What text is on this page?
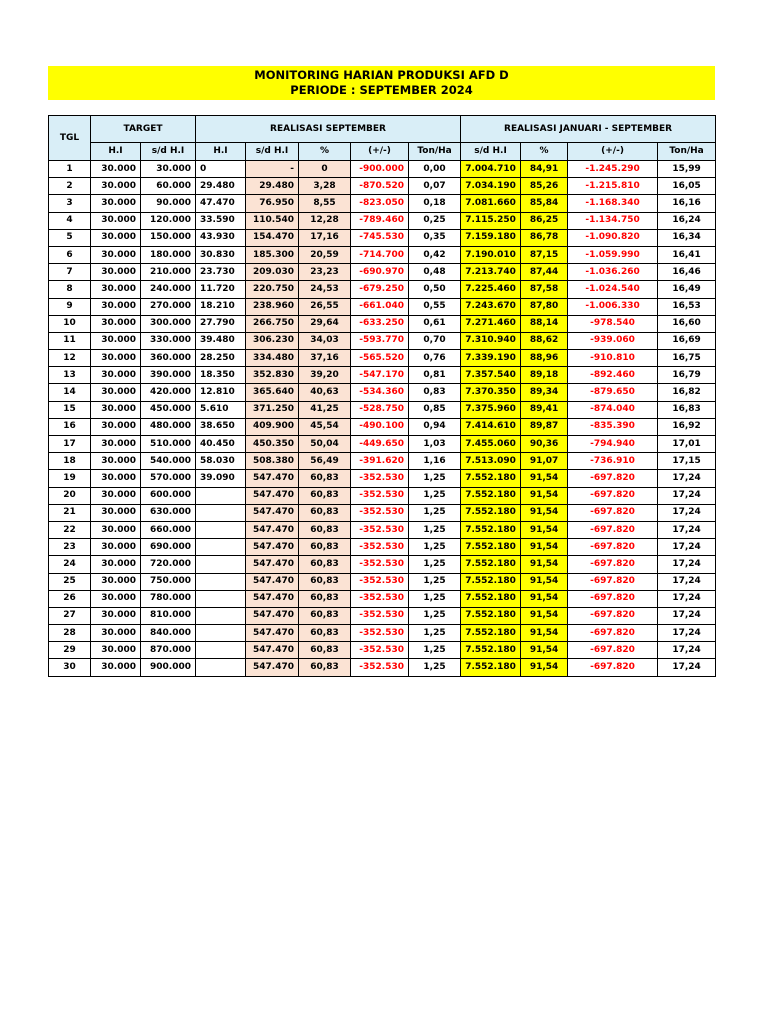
MONITORING HARIAN PRODUKSI AFD D
PERIODE : SEPTEMBER 2024
TGL	TARGET		REALISASI SEPTEMBER					REALISASI JANUARI - SEPTEMBER			
	H.I	s/d H.I	H.I	s/d H.I	%	(+/-)	Ton/Ha	s/d H.I	%	(+/-)	Ton/Ha
1	30.000	30.000	0	-	0	-900.000	0,00	7.004.710	84,91	-1.245.290	15,99
2	30.000	60.000	29.480	29.480	3,28	-870.520	0,07	7.034.190	85,26	-1.215.810	16,05
3	30.000	90.000	47.470	76.950	8,55	-823.050	0,18	7.081.660	85,84	-1.168.340	16,16
4	30.000	120.000	33.590	110.540	12,28	-789.460	0,25	7.115.250	86,25	-1.134.750	16,24
5	30.000	150.000	43.930	154.470	17,16	-745.530	0,35	7.159.180	86,78	-1.090.820	16,34
6	30.000	180.000	30.830	185.300	20,59	-714.700	0,42	7.190.010	87,15	-1.059.990	16,41
7	30.000	210.000	23.730	209.030	23,23	-690.970	0,48	7.213.740	87,44	-1.036.260	16,46
8	30.000	240.000	11.720	220.750	24,53	-679.250	0,50	7.225.460	87,58	-1.024.540	16,49
9	30.000	270.000	18.210	238.960	26,55	-661.040	0,55	7.243.670	87,80	-1.006.330	16,53
10	30.000	300.000	27.790	266.750	29,64	-633.250	0,61	7.271.460	88,14	-978.540	16,60
11	30.000	330.000	39.480	306.230	34,03	-593.770	0,70	7.310.940	88,62	-939.060	16,69
12	30.000	360.000	28.250	334.480	37,16	-565.520	0,76	7.339.190	88,96	-910.810	16,75
13	30.000	390.000	18.350	352.830	39,20	-547.170	0,81	7.357.540	89,18	-892.460	16,79
14	30.000	420.000	12.810	365.640	40,63	-534.360	0,83	7.370.350	89,34	-879.650	16,82
15	30.000	450.000	5.610	371.250	41,25	-528.750	0,85	7.375.960	89,41	-874.040	16,83
16	30.000	480.000	38.650	409.900	45,54	-490.100	0,94	7.414.610	89,87	-835.390	16,92
17	30.000	510.000	40.450	450.350	50,04	-449.650	1,03	7.455.060	90,36	-794.940	17,01
18	30.000	540.000	58.030	508.380	56,49	-391.620	1,16	7.513.090	91,07	-736.910	17,15
19	30.000	570.000	39.090	547.470	60,83	-352.530	1,25	7.552.180	91,54	-697.820	17,24
20	30.000	600.000		547.470	60,83	-352.530	1,25	7.552.180	91,54	-697.820	17,24
21	30.000	630.000		547.470	60,83	-352.530	1,25	7.552.180	91,54	-697.820	17,24
22	30.000	660.000		547.470	60,83	-352.530	1,25	7.552.180	91,54	-697.820	17,24
23	30.000	690.000		547.470	60,83	-352.530	1,25	7.552.180	91,54	-697.820	17,24
24	30.000	720.000		547.470	60,83	-352.530	1,25	7.552.180	91,54	-697.820	17,24
25	30.000	750.000		547.470	60,83	-352.530	1,25	7.552.180	91,54	-697.820	17,24
26	30.000	780.000		547.470	60,83	-352.530	1,25	7.552.180	91,54	-697.820	17,24
27	30.000	810.000		547.470	60,83	-352.530	1,25	7.552.180	91,54	-697.820	17,24
28	30.000	840.000		547.470	60,83	-352.530	1,25	7.552.180	91,54	-697.820	17,24
29	30.000	870.000		547.470	60,83	-352.530	1,25	7.552.180	91,54	-697.820	17,24
30	30.000	900.000		547.470	60,83	-352.530	1,25	7.552.180	91,54	-697.820	17,24
